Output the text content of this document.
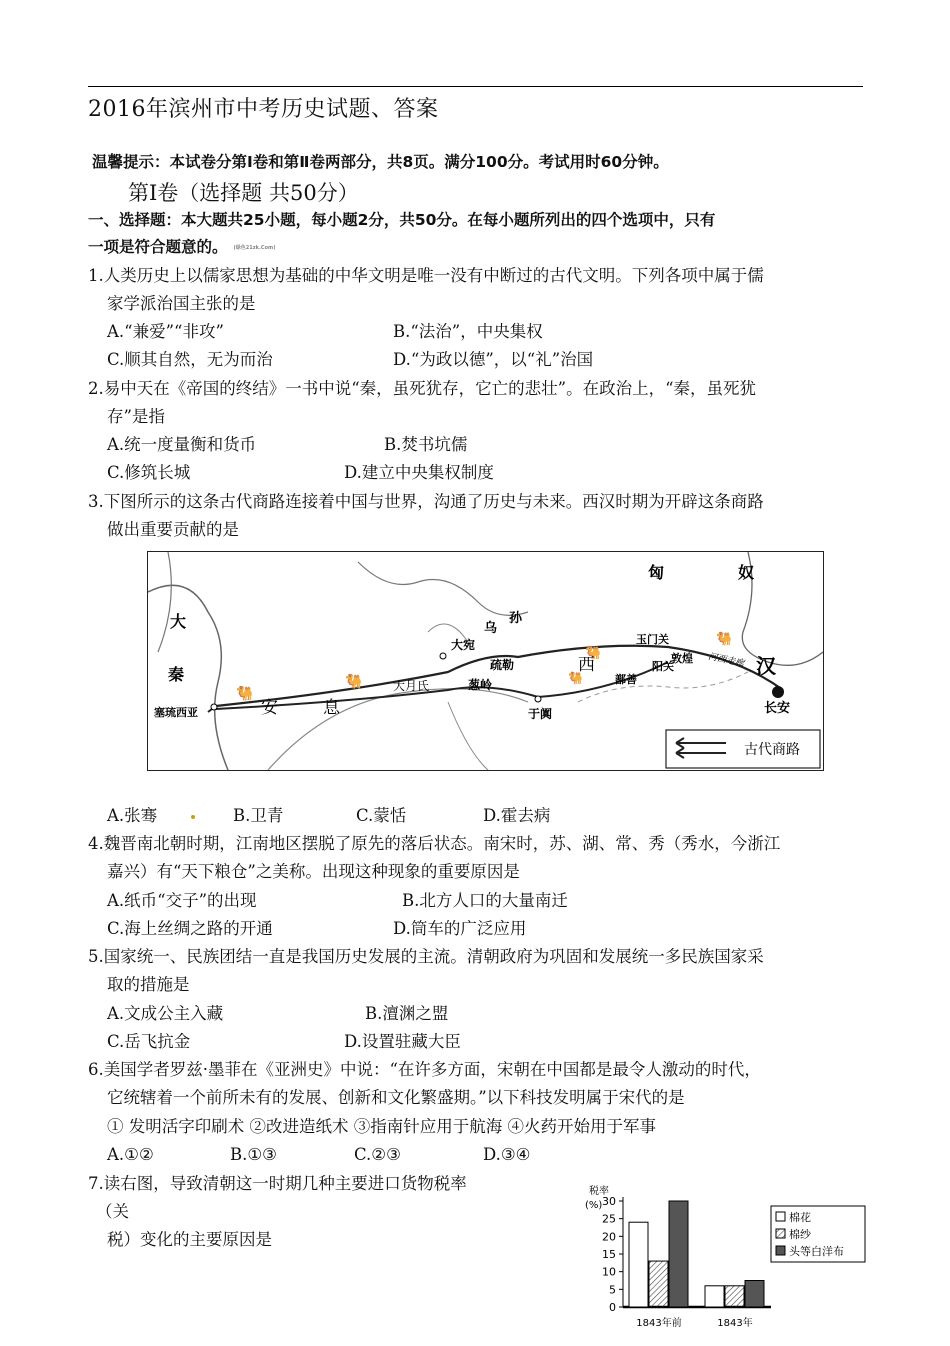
2016年滨州市中考历史试题、答案
温馨提示：本试卷分第Ⅰ卷和第Ⅱ卷两部分，共8页。满分100分。考试用时60分钟。
第Ⅰ卷（选择题 共50分）
一、选择题：本大题共25小题，每小题2分，共50分。在每小题所列出的四个选项中，只有
一项是符合题意的。 (绿色21zk.Com)
1.人类历史上以儒家思想为基础的中华文明是唯一没有中断过的古代文明。下列各项中属于儒
家学派治国主张的是
A.“兼爱”“非攻”	B.“法治”，中央集权
C.顺其自然，无为而治	D.“为政以德”，以“礼”治国
2.易中天在《帝国的终结》一书中说“秦，虽死犹存，它亡的悲壮”。在政治上，“秦，虽死犹
存”是指
A.统一度量衡和货币	B.焚书坑儒
C.修筑长城	D.建立中央集权制度
3.下图所示的这条古代商路连接着中国与世界，沟通了历史与未来。西汉时期为开辟这条商路
做出重要贡献的是
🐫
🐫
🐫
🐫
🐫
匈	奴
汉
长安
大
秦
塞琉西亚	安	息
大月氏
大宛
乌
孙
疏勒
葱岭
于阗
西
鄯善
玉门关
阳关
敦煌 河西走廊
古代商路
A.张骞	B.卫青	C.蒙恬	D.霍去病
4.魏晋南北朝时期，江南地区摆脱了原先的落后状态。南宋时，苏、湖、常、秀（秀水，今浙江
嘉兴）有“天下粮仓”之美称。出现这种现象的重要原因是
A.纸币“交子”的出现	B.北方人口的大量南迁
C.海上丝绸之路的开通	D.筒车的广泛应用
5.国家统一、民族团结一直是我国历史发展的主流。清朝政府为巩固和发展统一多民族国家采
取的措施是
A.文成公主入藏	B.澶渊之盟
C.岳飞抗金	D.设置驻藏大臣
6.美国学者罗兹·墨菲在《亚洲史》中说：“在许多方面，宋朝在中国都是最令人激动的时代，
它统辖着一个前所未有的发展、创新和文化繁盛期。”以下科技发明属于宋代的是
① 发明活字印刷术 ②改进造纸术 ③指南针应用于航海 ④火药开始用于军事
A.①②	B.①③	C.②③	D.③④
7.读右图，导致清朝这一时期几种主要进口货物税率
（关
税）变化的主要原因是
税率
(%)
0
5
10
15
20
25
30
1843年前	1843年
棉花
棉纱
头等白洋布
